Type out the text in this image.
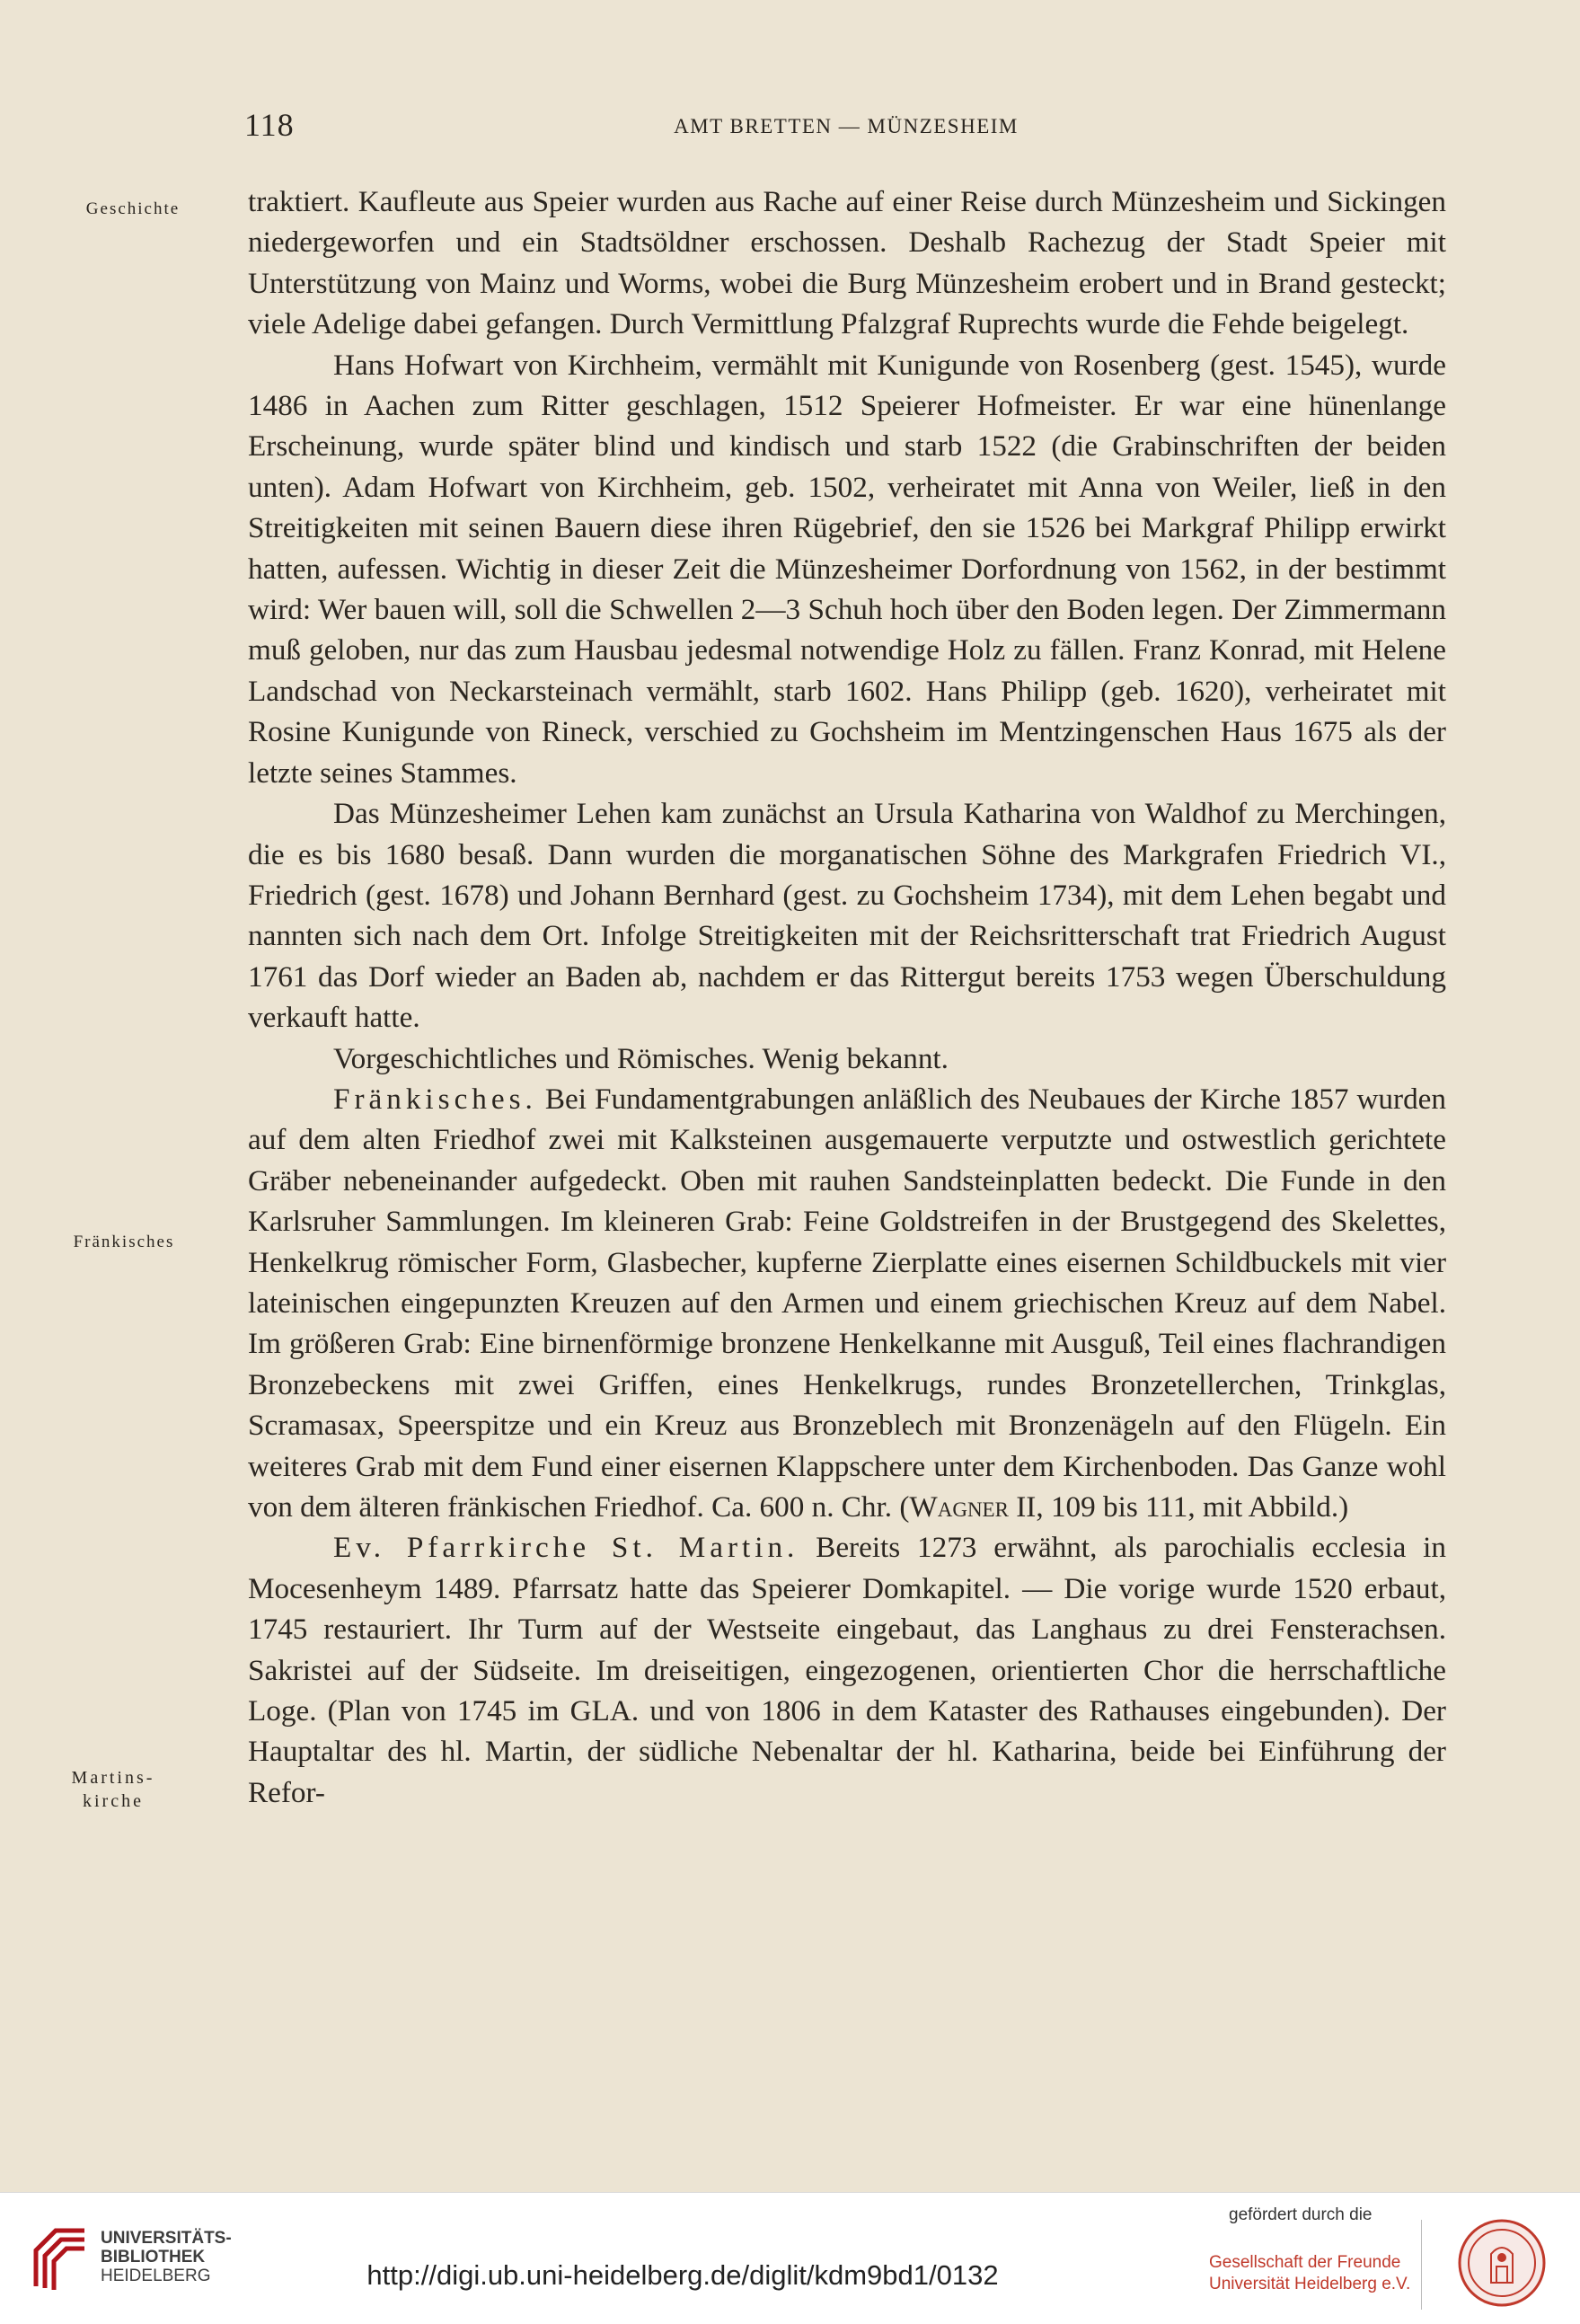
118	AMT BRETTEN — MÜNZESHEIM
Geschichte
Fränkisches
Martins-
kirche

traktiert. Kaufleute aus Speier wurden aus Rache auf einer Reise durch Münzesheim und Sickingen niedergeworfen und ein Stadtsöldner erschossen. Deshalb Rachezug der Stadt Speier mit Unterstützung von Mainz und Worms, wobei die Burg Münzesheim erobert und in Brand gesteckt; viele Adelige dabei gefangen. Durch Vermittlung Pfalzgraf Ruprechts wurde die Fehde beigelegt.

Hans Hofwart von Kirchheim, vermählt mit Kunigunde von Rosenberg (gest. 1545), wurde 1486 in Aachen zum Ritter geschlagen, 1512 Speierer Hofmeister. Er war eine hünenlange Erscheinung, wurde später blind und kindisch und starb 1522 (die Grabinschriften der beiden unten). Adam Hofwart von Kirchheim, geb. 1502, verheiratet mit Anna von Weiler, ließ in den Streitigkeiten mit seinen Bauern diese ihren Rügebrief, den sie 1526 bei Markgraf Philipp erwirkt hatten, aufessen. Wichtig in dieser Zeit die Münzesheimer Dorfordnung von 1562, in der bestimmt wird: Wer bauen will, soll die Schwellen 2—3 Schuh hoch über den Boden legen. Der Zimmermann muß geloben, nur das zum Hausbau jedesmal notwendige Holz zu fällen. Franz Konrad, mit Helene Landschad von Neckarsteinach vermählt, starb 1602. Hans Philipp (geb. 1620), verheiratet mit Rosine Kunigunde von Rineck, verschied zu Gochsheim im Mentzingenschen Haus 1675 als der letzte seines Stammes.

Das Münzesheimer Lehen kam zunächst an Ursula Katharina von Waldhof zu Merchingen, die es bis 1680 besaß. Dann wurden die morganatischen Söhne des Markgrafen Friedrich VI., Friedrich (gest. 1678) und Johann Bernhard (gest. zu Gochsheim 1734), mit dem Lehen begabt und nannten sich nach dem Ort. Infolge Streitigkeiten mit der Reichsritterschaft trat Friedrich August 1761 das Dorf wieder an Baden ab, nachdem er das Rittergut bereits 1753 wegen Überschuldung verkauft hatte.

Vorgeschichtliches und Römisches. Wenig bekannt.

Fränkisches. Bei Fundamentgrabungen anläßlich des Neubaues der Kirche 1857 wurden auf dem alten Friedhof zwei mit Kalksteinen ausgemauerte verputzte und ostwestlich gerichtete Gräber nebeneinander aufgedeckt. Oben mit rauhen Sandsteinplatten bedeckt. Die Funde in den Karlsruher Sammlungen. Im kleineren Grab: Feine Goldstreifen in der Brustgegend des Skelettes, Henkelkrug römischer Form, Glasbecher, kupferne Zierplatte eines eisernen Schildbuckels mit vier lateinischen eingepunzten Kreuzen auf den Armen und einem griechischen Kreuz auf dem Nabel. Im größeren Grab: Eine birnenförmige bronzene Henkelkanne mit Ausguß, Teil eines flachrandigen Bronzebeckens mit zwei Griffen, eines Henkelkrugs, rundes Bronzetellerchen, Trinkglas, Scramasax, Speerspitze und ein Kreuz aus Bronzeblech mit Bronzenägeln auf den Flügeln. Ein weiteres Grab mit dem Fund einer eisernen Klappschere unter dem Kirchenboden. Das Ganze wohl von dem älteren fränkischen Friedhof. Ca. 600 n. Chr. (Wagner II, 109 bis 111, mit Abbild.)

Ev. Pfarrkirche St. Martin. Bereits 1273 erwähnt, als parochialis ecclesia in Mocesenheym 1489. Pfarrsatz hatte das Speierer Domkapitel. — Die vorige wurde 1520 erbaut, 1745 restauriert. Ihr Turm auf der Westseite eingebaut, das Langhaus zu drei Fensterachsen. Sakristei auf der Südseite. Im dreiseitigen, eingezogenen, orientierten Chor die herrschaftliche Loge. (Plan von 1745 im GLA. und von 1806 in dem Kataster des Rathauses eingebunden). Der Hauptaltar des hl. Martin, der südliche Nebenaltar der hl. Katharina, beide bei Einführung der Refor-

UNIVERSITÄTS-
BIBLIOTHEK
HEIDELBERG	http://digi.ub.uni-heidelberg.de/diglit/kdm9bd1/0132
gefördert durch die
Gesellschaft der Freunde
Universität Heidelberg e.V.
